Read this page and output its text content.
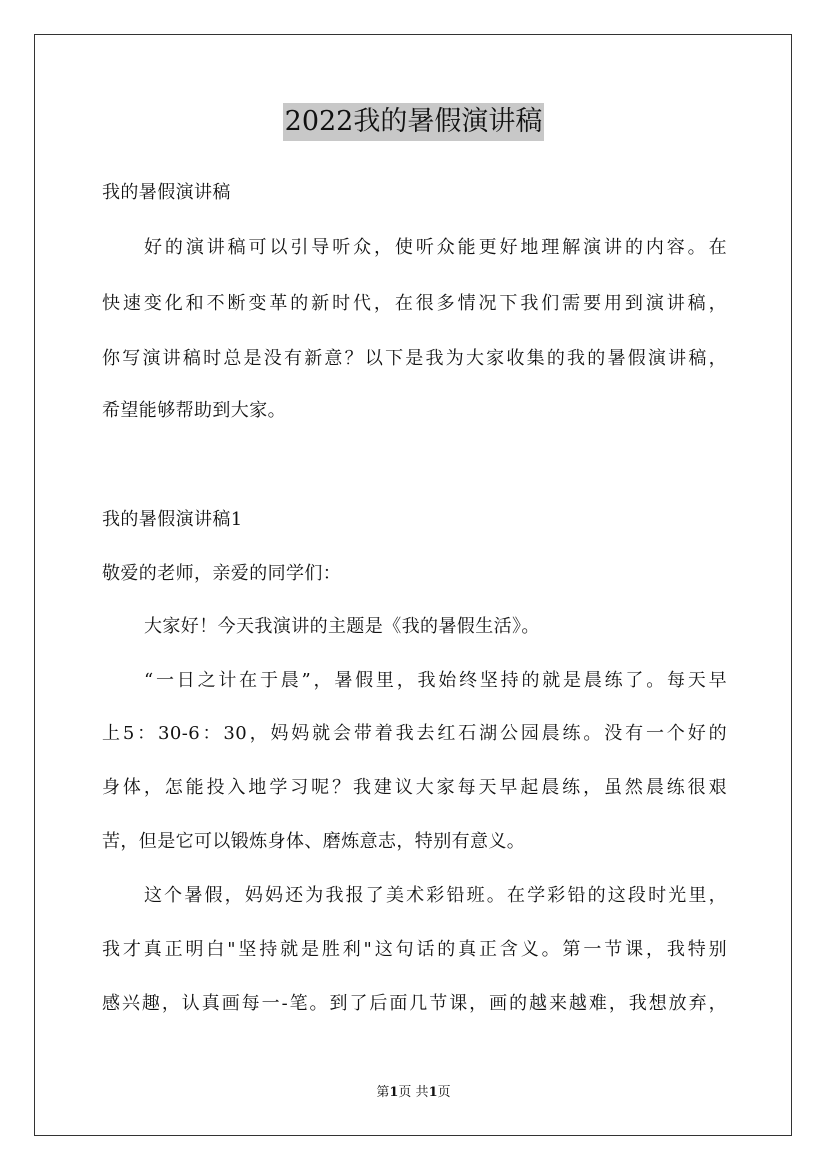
2022我的暑假演讲稿
我的暑假演讲稿
好的演讲稿可以引导听众，使听众能更好地理解演讲的内容。在
快速变化和不断变革的新时代，在很多情况下我们需要用到演讲稿，
你写演讲稿时总是没有新意？以下是我为大家收集的我的暑假演讲稿，
希望能够帮助到大家。
我的暑假演讲稿1
敬爱的老师，亲爱的同学们：
大家好！今天我演讲的主题是《我的暑假生活》。
“一日之计在于晨”，暑假里，我始终坚持的就是晨练了。每天早
上5：30-6：30，妈妈就会带着我去红石湖公园晨练。没有一个好的
身体，怎能投入地学习呢？我建议大家每天早起晨练，虽然晨练很艰
苦，但是它可以锻炼身体、磨炼意志，特别有意义。
这个暑假，妈妈还为我报了美术彩铅班。在学彩铅的这段时光里，
我才真正明白"坚持就是胜利"这句话的真正含义。第一节课，我特别
感兴趣，认真画每一-笔。到了后面几节课，画的越来越难，我想放弃，
第1页 共1页
